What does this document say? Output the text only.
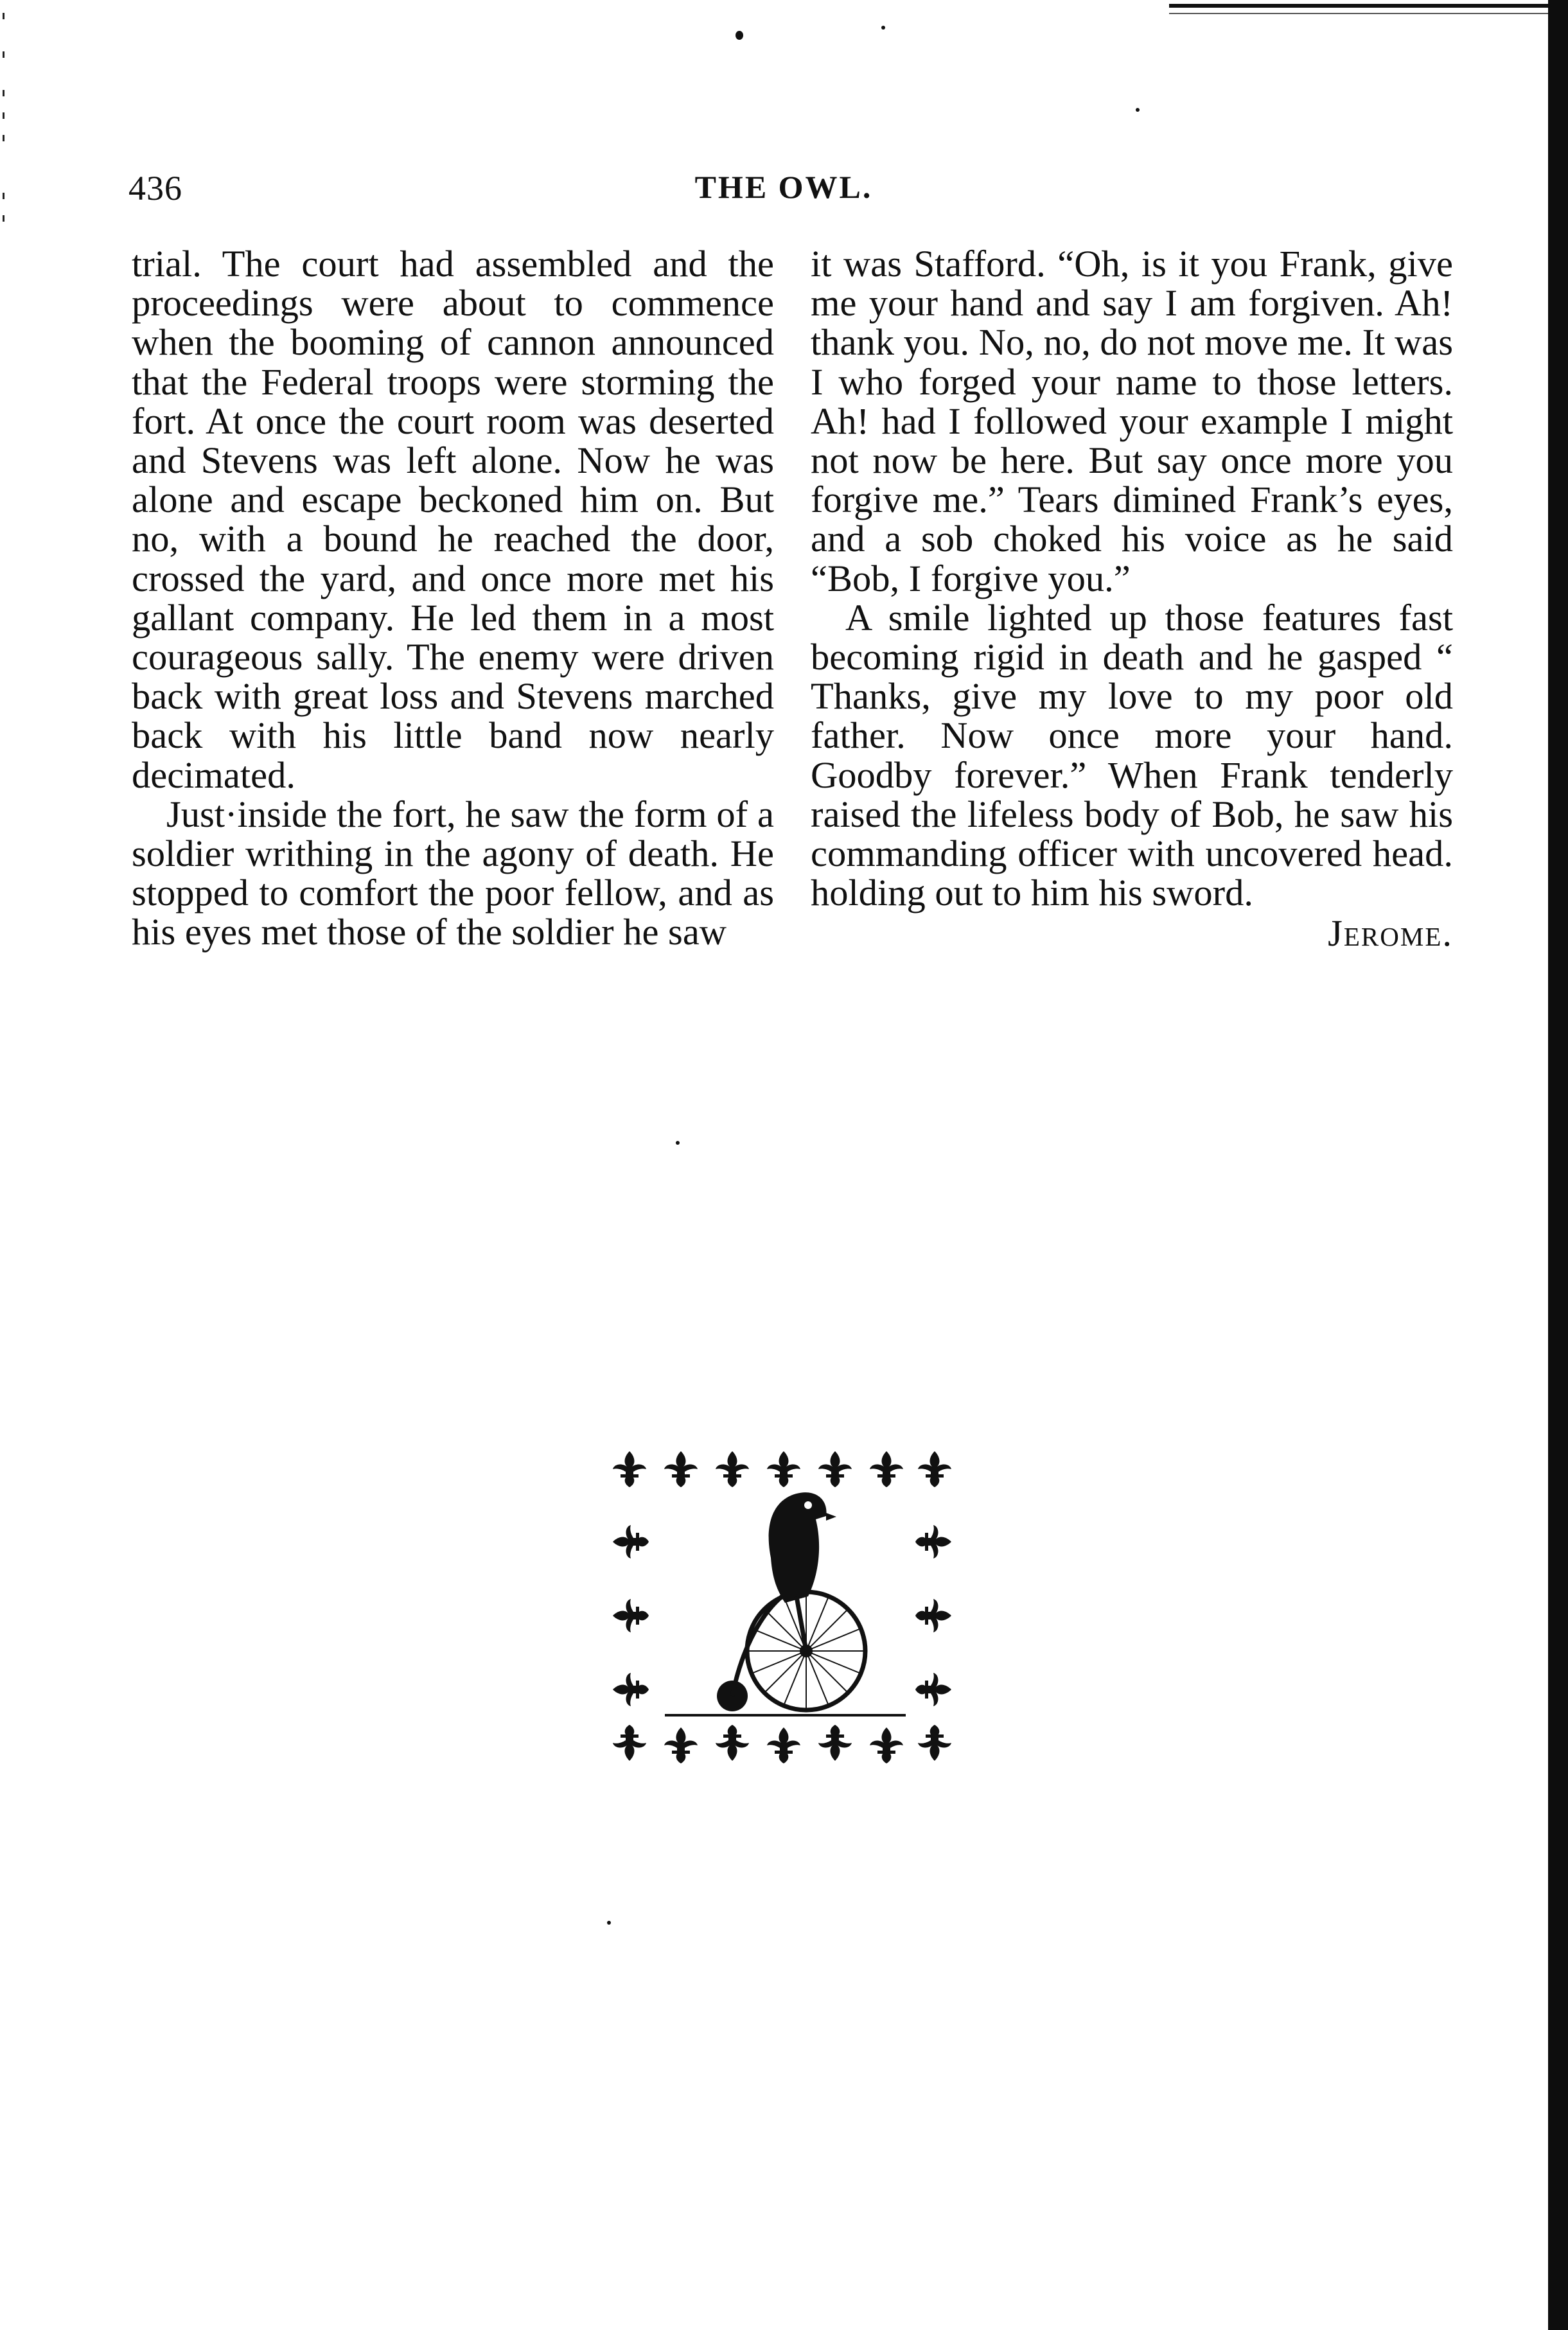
436	THE OWL.

trial. The court had assembled and the proceedings were about to commence when the booming of cannon announced that the Federal troops were storming the fort. At once the court room was deserted and Stevens was left alone. Now he was alone and escape beckoned him on. But no, with a bound he reached the door, crossed the yard, and once more met his gallant company. He led them in a most courageous sally. The enemy were driven back with great loss and Stevens marched back with his little band now nearly decimated.

Just·inside the fort, he saw the form of a soldier writhing in the agony of death. He stopped to comfort the poor fellow, and as his eyes met those of the soldier he saw

it was Stafford. “Oh, is it you Frank, give me your hand and say I am forgiven. Ah! thank you. No, no, do not move me. It was I who forged your name to those letters. Ah! had I followed your example I might not now be here. But say once more you forgive me.” Tears dimined Frank’s eyes, and a sob choked his voice as he said “Bob, I forgive you.”

A smile lighted up those features fast becoming rigid in death and he gasped “ Thanks, give my love to my poor old father. Now once more your hand. Goodby forever.” When Frank tenderly raised the lifeless body of Bob, he saw his commanding officer with uncovered head. holding out to him his sword.

Jerome.
